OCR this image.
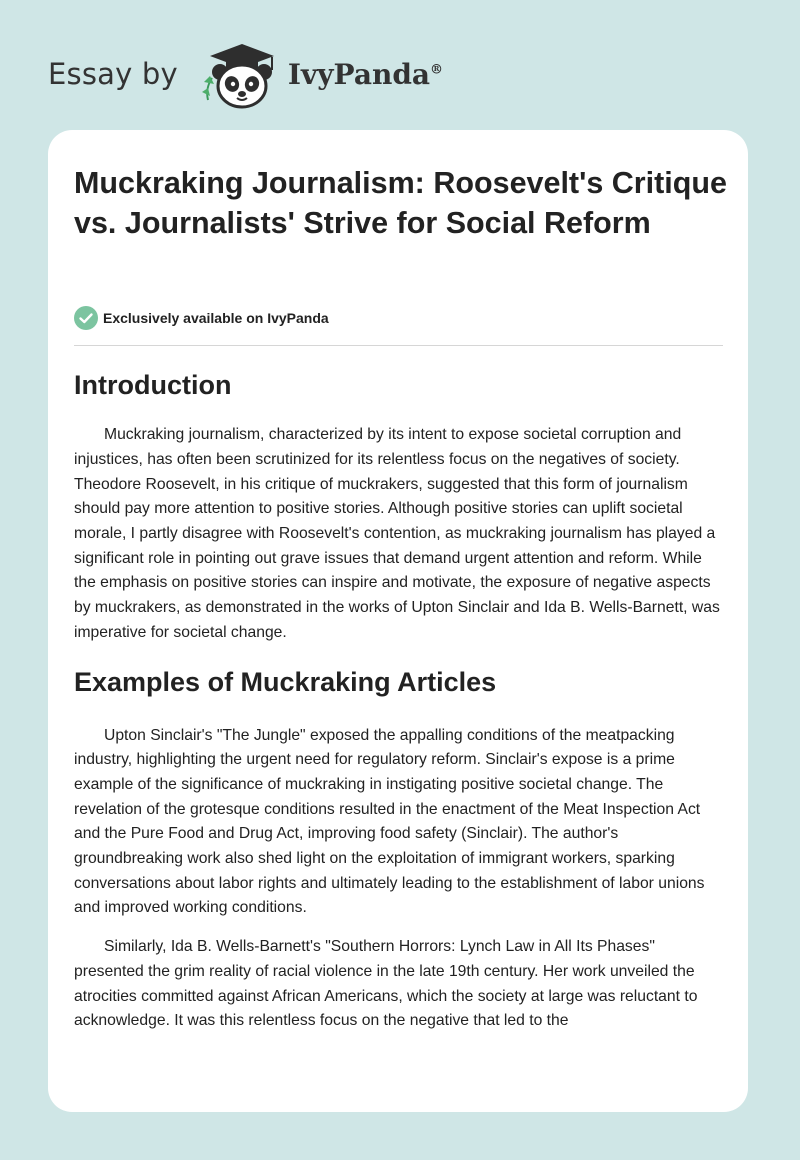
Essay by	IvyPanda®
Muckraking Journalism: Roosevelt's Critique vs. Journalists' Strive for Social Reform
Exclusively available on IvyPanda
Introduction

Muckraking journalism, characterized by its intent to expose societal corruption and injustices, has often been scrutinized for its relentless focus on the negatives of society. Theodore Roosevelt, in his critique of muckrakers, suggested that this form of journalism should pay more attention to positive stories. Although positive stories can uplift societal morale, I partly disagree with Roosevelt's contention, as muckraking journalism has played a significant role in pointing out grave issues that demand urgent attention and reform. While the emphasis on positive stories can inspire and motivate, the exposure of negative aspects by muckrakers, as demonstrated in the works of Upton Sinclair and Ida B. Wells-Barnett, was imperative for societal change.

Examples of Muckraking Articles

Upton Sinclair's "The Jungle" exposed the appalling conditions of the meatpacking industry, highlighting the urgent need for regulatory reform. Sinclair's expose is a prime example of the significance of muckraking in instigating positive societal change. The revelation of the grotesque conditions resulted in the enactment of the Meat Inspection Act and the Pure Food and Drug Act, improving food safety (Sinclair). The author's groundbreaking work also shed light on the exploitation of immigrant workers, sparking conversations about labor rights and ultimately leading to the establishment of labor unions and improved working conditions.

Similarly, Ida B. Wells-Barnett's "Southern Horrors: Lynch Law in All Its Phases" presented the grim reality of racial violence in the late 19th century. Her work unveiled the atrocities committed against African Americans, which the society at large was reluctant to acknowledge. It was this relentless focus on the negative that led to the
